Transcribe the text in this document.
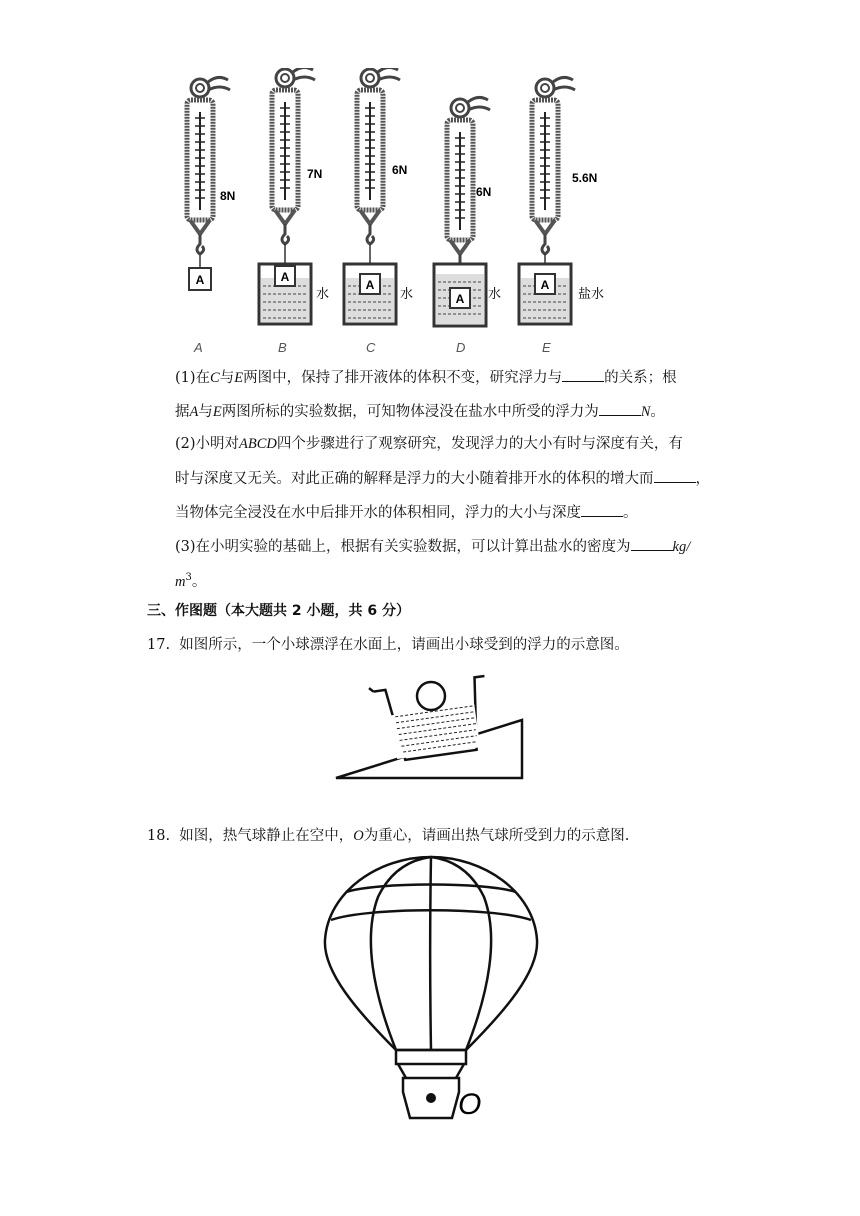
A
8N
A
7N
水
A
6N
水	A
6N
水
A
5.6N
盐水
A	B	C	D	E
(1)在C与E两图中，保持了排开液体的体积不变，研究浮力与	的关系；根
据A与E两图所标的实验数据，可知物体浸没在盐水中所受的浮力为	N。
(2)小明对ABCD四个步骤进行了观察研究，发现浮力的大小有时与深度有关，有
时与深度又无关。对此正确的解释是浮力的大小随着排开水的体积的增大而	，
当物体完全浸没在水中后排开水的体积相同，浮力的大小与深度	。
(3)在小明实验的基础上，根据有关实验数据，可以计算出盐水的密度为	kg/
$m^3$。
三、作图题（本大题共 2 小题，共 6 分）
17. 如图所示，一个小球漂浮在水面上，请画出小球受到的浮力的示意图。
18. 如图，热气球静止在空中，O为重心，请画出热气球所受到力的示意图.
O
